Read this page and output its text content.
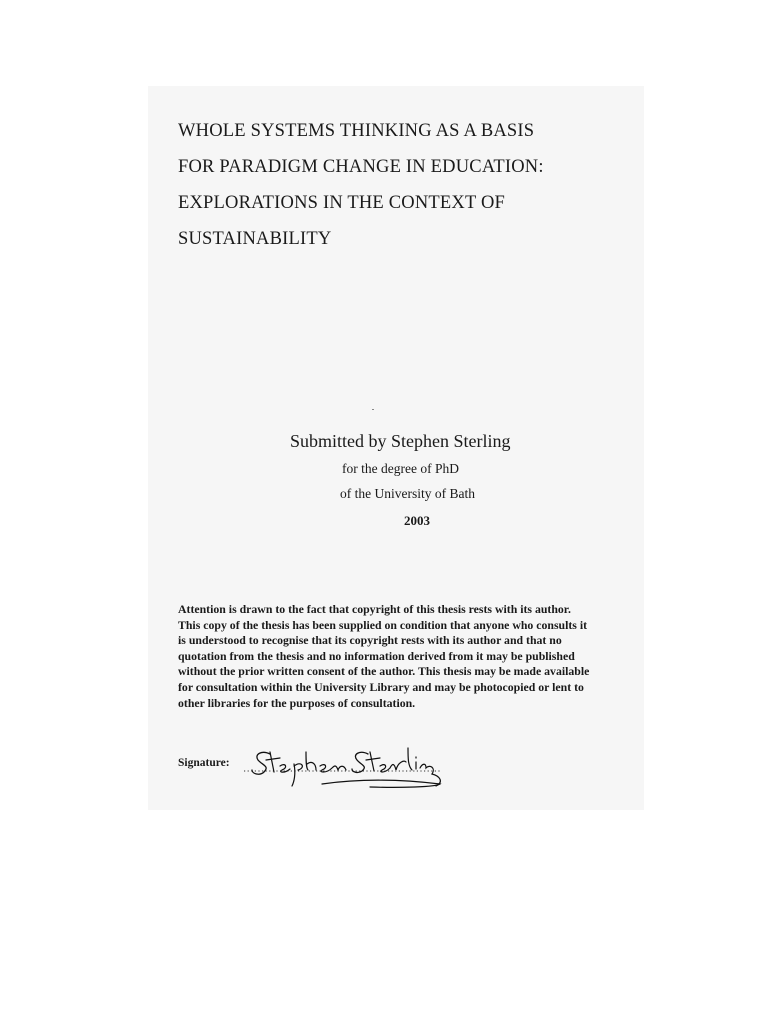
WHOLE SYSTEMS THINKING AS A BASIS
FOR PARADIGM CHANGE IN EDUCATION:
EXPLORATIONS IN THE CONTEXT OF
SUSTAINABILITY
Submitted by Stephen Sterling
for the degree of PhD
of the University of Bath
2003

Attention is drawn to the fact that copyright of this thesis rests with its author.
This copy of the thesis has been supplied on condition that anyone who consults it
is understood to recognise that its copyright rests with its author and that no
quotation from the thesis and no information derived from it may be published
without the prior written consent of the author. This thesis may be made available
for consultation within the University Library and may be photocopied or lent to
other libraries for the purposes of consultation.

Signature:
